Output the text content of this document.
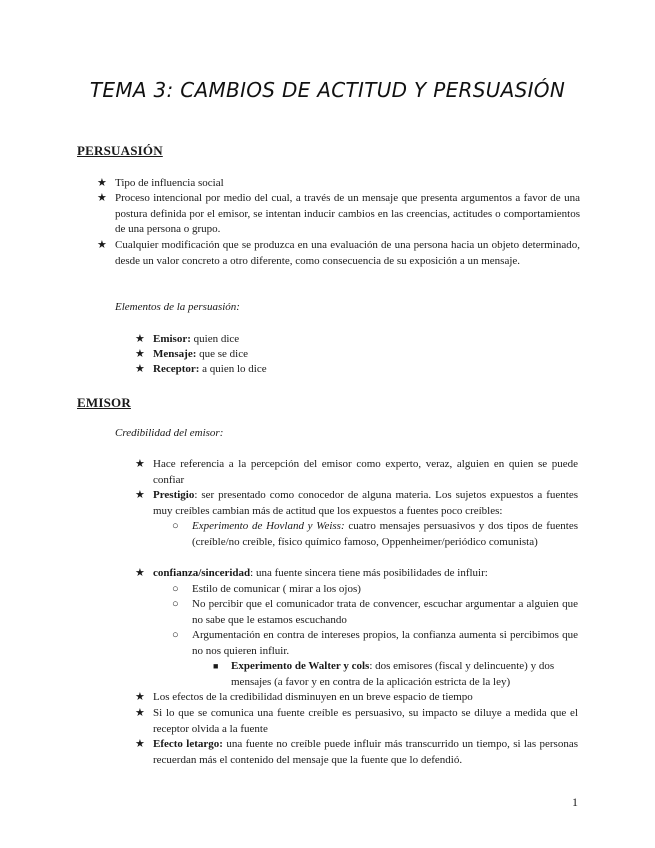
TEMA 3: CAMBIOS DE ACTITUD Y PERSUASIÓN
PERSUASIÓN
★ Tipo de influencia social
★ Proceso intencional por medio del cual, a través de un mensaje que presenta argumentos a favor de una postura definida por el emisor, se intentan inducir cambios en las creencias, actitudes o comportamientos de una persona o grupo.
★ Cualquier modificación que se produzca en una evaluación de una persona hacia un objeto determinado, desde un valor concreto a otro diferente, como consecuencia de su exposición a un mensaje.
Elementos de la persuasión:
★ Emisor: quien dice
★ Mensaje: que se dice
★ Receptor: a quien lo dice
EMISOR
Credibilidad del emisor:
★ Hace referencia a la percepción del emisor como experto, veraz, alguien en quien se puede confiar
★ Prestigio: ser presentado como conocedor de alguna materia. Los sujetos expuestos a fuentes muy creíbles cambian más de actitud que los expuestos a fuentes poco creíbles:
○ Experimento de Hovland y Weiss: cuatro mensajes persuasivos y dos tipos de fuentes (creíble/no creíble, físico químico famoso, Oppenheimer/periódico comunista)
★ confianza/sinceridad: una fuente sincera tiene más posibilidades de influir:
○ Estilo de comunicar ( mirar a los ojos)
○ No percibir que el comunicador trata de convencer, escuchar argumentar a alguien que no sabe que le estamos escuchando
○ Argumentación en contra de intereses propios, la confianza aumenta si percibimos que no nos quieren influir.
■ Experimento de Walter y cols: dos emisores (fiscal y delincuente) y dos mensajes (a favor y en contra de la aplicación estricta de la ley)
★ Los efectos de la credibilidad disminuyen en un breve espacio de tiempo
★ Si lo que se comunica una fuente creíble es persuasivo, su impacto se diluye a medida que el receptor olvida a la fuente
★ Efecto letargo: una fuente no creíble puede influir más transcurrido un tiempo, si las personas recuerdan más el contenido del mensaje que la fuente que lo defendió.
1
